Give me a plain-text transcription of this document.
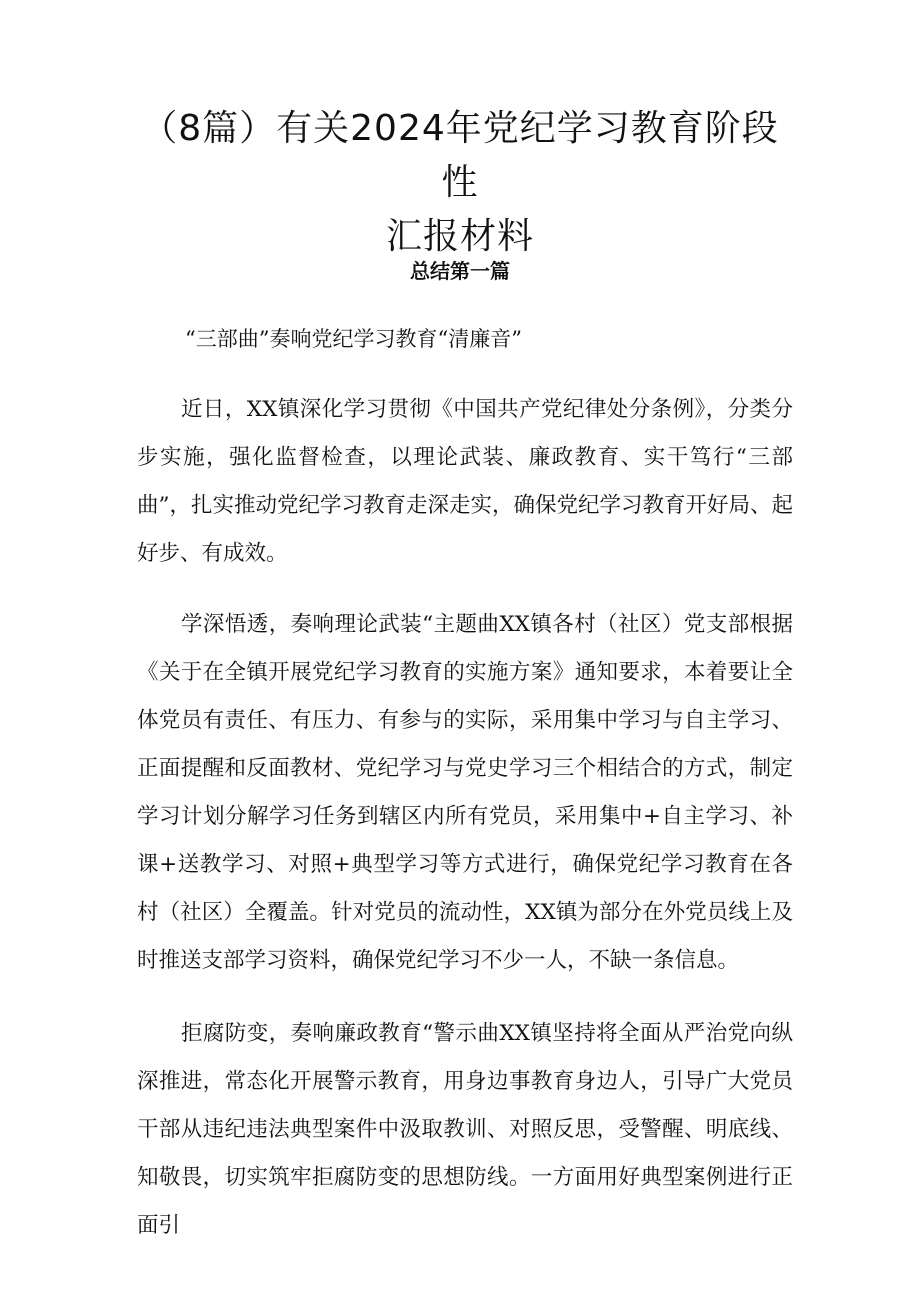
（8篇）有关2024年党纪学习教育阶段性
汇报材料
总结第一篇

“三部曲”奏响党纪学习教育“清廉音”

近日，XX镇深化学习贯彻《中国共产党纪律处分条例》，分类分步实施，强化监督检查，以理论武装、廉政教育、实干笃行“三部曲”，扎实推动党纪学习教育走深走实，确保党纪学习教育开好局、起好步、有成效。

学深悟透，奏响理论武装“主题曲XX镇各村（社区）党支部根据《关于在全镇开展党纪学习教育的实施方案》通知要求，本着要让全体党员有责任、有压力、有参与的实际，采用集中学习与自主学习、正面提醒和反面教材、党纪学习与党史学习三个相结合的方式，制定学习计划分解学习任务到辖区内所有党员，采用集中+自主学习、补课+送教学习、对照+典型学习等方式进行，确保党纪学习教育在各村（社区）全覆盖。针对党员的流动性，XX镇为部分在外党员线上及时推送支部学习资料，确保党纪学习不少一人，不缺一条信息。

拒腐防变，奏响廉政教育“警示曲XX镇坚持将全面从严治党向纵深推进，常态化开展警示教育，用身边事教育身边人，引导广大党员干部从违纪违法典型案件中汲取教训、对照反思，受警醒、明底线、知敬畏，切实筑牢拒腐防变的思想防线。一方面用好典型案例进行正面引
